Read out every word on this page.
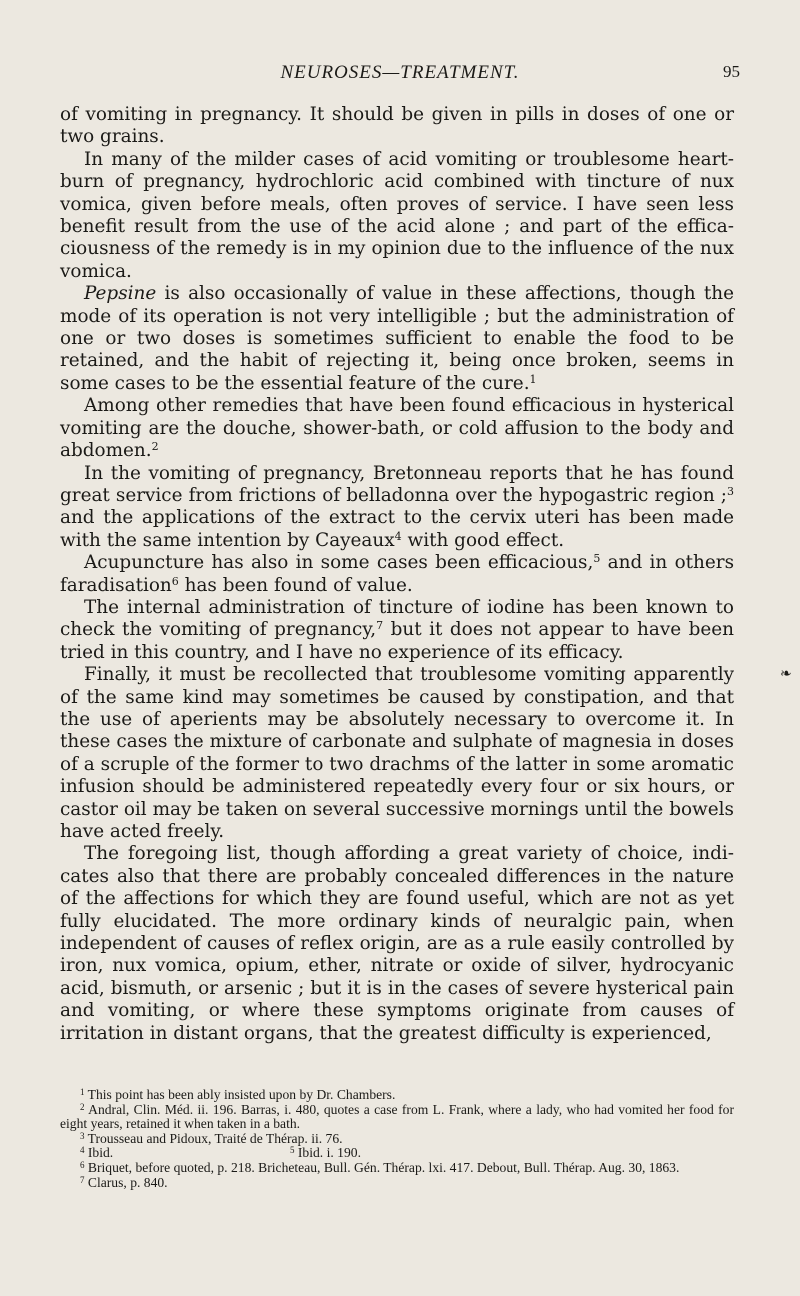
NEUROSES—TREATMENT.	95

of vomiting in pregnancy. It should be given in pills in doses of one or two grains.

In many of the milder cases of acid vomiting or troublesome heart-burn of pregnancy, hydrochloric acid combined with tincture of nux vomica, given before meals, often proves of service. I have seen less benefit result from the use of the acid alone ; and part of the efficaciousness of the remedy is in my opinion due to the influence of the nux vomica.

Pepsine is also occasionally of value in these affections, though the mode of its operation is not very intelligible ; but the administration of one or two doses is sometimes sufficient to enable the food to be retained, and the habit of rejecting it, being once broken, seems in some cases to be the essential feature of the cure.$^1$

Among other remedies that have been found efficacious in hysterical vomiting are the douche, shower-bath, or cold affusion to the body and abdomen.$^2$

In the vomiting of pregnancy, Bretonneau reports that he has found great service from frictions of belladonna over the hypogastric region ;$^3$ and the applications of the extract to the cervix uteri has been made with the same intention by Cayeaux$^4$ with good effect.

Acupuncture has also in some cases been efficacious,$^5$ and in others faradisation$^6$ has been found of value.

The internal administration of tincture of iodine has been known to check the vomiting of pregnancy,$^7$ but it does not appear to have been tried in this country, and I have no experience of its efficacy.

Finally, it must be recollected that troublesome vomiting apparently of the same kind may sometimes be caused by constipation, and that the use of aperients may be absolutely necessary to overcome it. In these cases the mixture of carbonate and sulphate of magnesia in doses of a scruple of the former to two drachms of the latter in some aromatic infusion should be administered repeatedly every four or six hours, or castor oil may be taken on several successive mornings until the bowels have acted freely.

The foregoing list, though affording a great variety of choice, indicates also that there are probably concealed differences in the nature of the affections for which they are found useful, which are not as yet fully elucidated. The more ordinary kinds of neuralgic pain, when independent of causes of reflex origin, are as a rule easily controlled by iron, nux vomica, opium, ether, nitrate or oxide of silver, hydrocyanic acid, bismuth, or arsenic ; but it is in the cases of severe hysterical pain and vomiting, or where these symptoms originate from causes of irritation in distant organs, that the greatest difficulty is experienced,

❧

$^1$ This point has been ably insisted upon by Dr. Chambers.

$^2$ Andral, Clin. Méd. ii. 196. Barras, i. 480, quotes a case from L. Frank, where a lady, who had vomited her food for eight years, retained it when taken in a bath.

$^3$ Trousseau and Pidoux, Traité de Thérap. ii. 76.

$^4$ Ibid.	$^5$ Ibid. i. 190.

$^6$ Briquet, before quoted, p. 218. Bricheteau, Bull. Gén. Thérap. lxi. 417. Debout, Bull. Thérap. Aug. 30, 1863.

$^7$ Clarus, p. 840.
